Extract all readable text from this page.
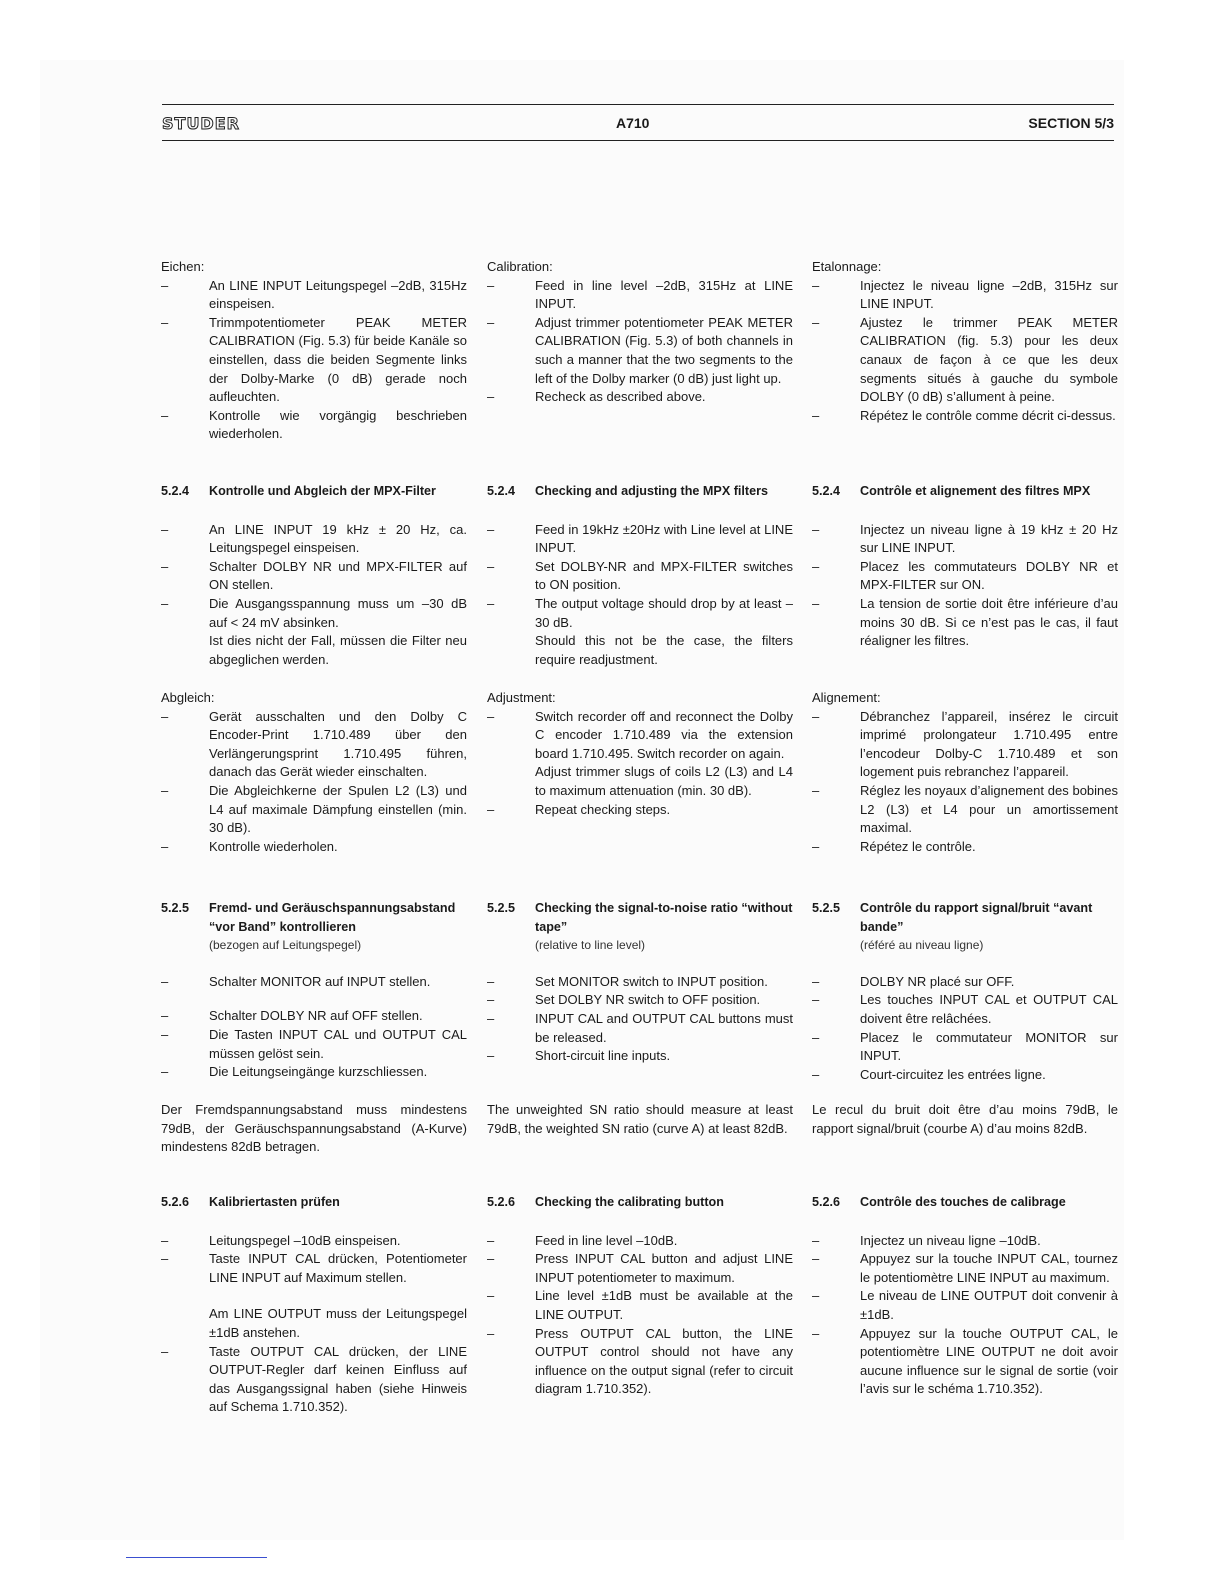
STUDER	A710	SECTION 5/3
Eichen:
–	An LINE INPUT Leitungspegel –2dB, 315Hz einspeisen.
–	Trimmpotentiometer PEAK METER CALIBRATION (Fig. 5.3) für beide Kanäle so einstellen, dass die beiden Segmente links der Dolby-Marke (0 dB) gerade noch aufleuchten.
–	Kontrolle wie vorgängig beschrieben wiederholen.
5.2.4 Kontrolle und Abgleich der MPX-Filter
–	An LINE INPUT 19 kHz ± 20 Hz, ca. Leitungspegel einspeisen.
–	Schalter DOLBY NR und MPX-FILTER auf ON stellen.
–	Die Ausgangsspannung muss um –30 dB auf < 24 mV absinken.
Ist dies nicht der Fall, müssen die Filter neu abgeglichen werden.
Abgleich:
–	Gerät ausschalten und den Dolby C Encoder-Print 1.710.489 über den Verlängerungsprint 1.710.495 führen, danach das Gerät wieder einschalten.
–	Die Abgleichkerne der Spulen L2 (L3) und L4 auf maximale Dämpfung einstellen (min. 30 dB).
–	Kontrolle wiederholen.
5.2.5 Fremd- und Geräuschspannungsabstand “vor Band” kontrollieren
(bezogen auf Leitungspegel)
–	Schalter MONITOR auf INPUT stellen.
–	Schalter DOLBY NR auf OFF stellen.
–	Die Tasten INPUT CAL und OUTPUT CAL müssen gelöst sein.
–	Die Leitungseingänge kurzschliessen.
Der Fremdspannungsabstand muss mindestens 79dB, der Geräuschspannungsabstand (A-Kurve) mindestens 82dB betragen.
5.2.6 Kalibriertasten prüfen
–	Leitungspegel –10dB einspeisen.
–	Taste INPUT CAL drücken, Potentiometer LINE INPUT auf Maximum stellen.
Am LINE OUTPUT muss der Leitungspegel ±1dB anstehen.
–	Taste OUTPUT CAL drücken, der LINE OUTPUT-Regler darf keinen Einfluss auf das Ausgangssignal haben (siehe Hinweis auf Schema 1.710.352).
Calibration:
–	Feed in line level –2dB, 315Hz at LINE INPUT.
–	Adjust trimmer potentiometer PEAK METER CALIBRATION (Fig. 5.3) of both channels in such a manner that the two segments to the left of the Dolby marker (0 dB) just light up.
–	Recheck as described above.
5.2.4 Checking and adjusting the MPX filters
–	Feed in 19kHz ±20Hz with Line level at LINE INPUT.
–	Set DOLBY-NR and MPX-FILTER switches to ON position.
–	The output voltage should drop by at least –30 dB.
Should this not be the case, the filters require readjustment.
Adjustment:
–	Switch recorder off and reconnect the Dolby C encoder 1.710.489 via the extension board 1.710.495. Switch recorder on again.
Adjust trimmer slugs of coils L2 (L3) and L4 to maximum attenuation (min. 30 dB).
–	Repeat checking steps.
5.2.5 Checking the signal-to-noise ratio “without tape”
(relative to line level)
–	Set MONITOR switch to INPUT position.
–	Set DOLBY NR switch to OFF position.
–	INPUT CAL and OUTPUT CAL buttons must be released.
–	Short-circuit line inputs.
The unweighted SN ratio should measure at least 79dB, the weighted SN ratio (curve A) at least 82dB.
5.2.6 Checking the calibrating button
–	Feed in line level –10dB.
–	Press INPUT CAL button and adjust LINE INPUT potentiometer to maximum.
–	Line level ±1dB must be available at the LINE OUTPUT.
–	Press OUTPUT CAL button, the LINE OUTPUT control should not have any influence on the output signal (refer to circuit diagram 1.710.352).
Etalonnage:
–	Injectez le niveau ligne –2dB, 315Hz sur LINE INPUT.
–	Ajustez le trimmer PEAK METER CALIBRATION (fig. 5.3) pour les deux canaux de façon à ce que les deux segments situés à gauche du symbole DOLBY (0 dB) s’allument à peine.
–	Répétez le contrôle comme décrit ci-dessus.
5.2.4 Contrôle et alignement des filtres MPX
–	Injectez un niveau ligne à 19 kHz ± 20 Hz sur LINE INPUT.
–	Placez les commutateurs DOLBY NR et MPX-FILTER sur ON.
–	La tension de sortie doit être inférieure d’au moins 30 dB. Si ce n’est pas le cas, il faut réaligner les filtres.
Alignement:
–	Débranchez l’appareil, insérez le circuit imprimé prolongateur 1.710.495 entre l’encodeur Dolby-C 1.710.489 et son logement puis rebranchez l’appareil.
–	Réglez les noyaux d’alignement des bobines L2 (L3) et L4 pour un amortissement maximal.
–	Répétez le contrôle.
5.2.5 Contrôle du rapport signal/bruit “avant bande”
(référé au niveau ligne)
–	DOLBY NR placé sur OFF.
–	Les touches INPUT CAL et OUTPUT CAL doivent être relâchées.
–	Placez le commutateur MONITOR sur INPUT.
–	Court-circuitez les entrées ligne.
Le recul du bruit doit être d’au moins 79dB, le rapport signal/bruit (courbe A) d’au moins 82dB.
5.2.6 Contrôle des touches de calibrage
–	Injectez un niveau ligne –10dB.
–	Appuyez sur la touche INPUT CAL, tournez le potentiomètre LINE INPUT au maximum.
–	Le niveau de LINE OUTPUT doit convenir à ±1dB.
–	Appuyez sur la touche OUTPUT CAL, le potentiomètre LINE OUTPUT ne doit avoir aucune influence sur le signal de sortie (voir l’avis sur le schéma 1.710.352).
